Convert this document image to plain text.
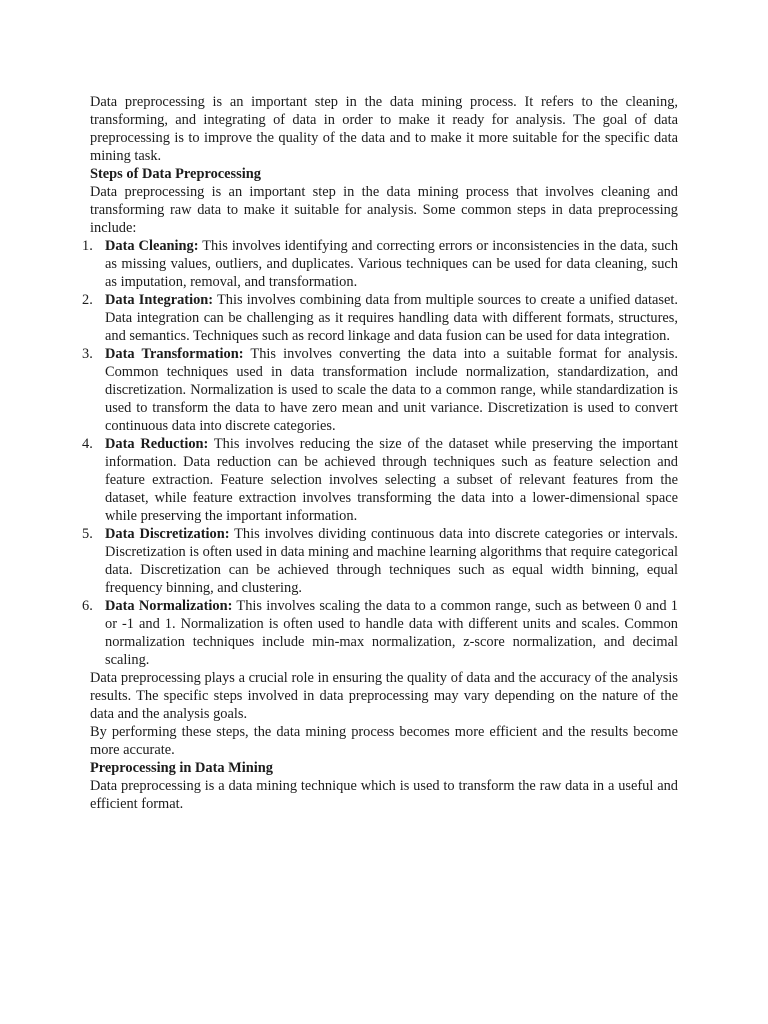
Data preprocessing is an important step in the data mining process. It refers to the cleaning, transforming, and integrating of data in order to make it ready for analysis. The goal of data preprocessing is to improve the quality of the data and to make it more suitable for the specific data mining task.

Steps of Data Preprocessing

Data preprocessing is an important step in the data mining process that involves cleaning and transforming raw data to make it suitable for analysis. Some common steps in data preprocessing include:

1. Data Cleaning: This involves identifying and correcting errors or inconsistencies in the data, such as missing values, outliers, and duplicates. Various techniques can be used for data cleaning, such as imputation, removal, and transformation.
2. Data Integration: This involves combining data from multiple sources to create a unified dataset. Data integration can be challenging as it requires handling data with different formats, structures, and semantics. Techniques such as record linkage and data fusion can be used for data integration.
3. Data Transformation: This involves converting the data into a suitable format for analysis. Common techniques used in data transformation include normalization, standardization, and discretization. Normalization is used to scale the data to a common range, while standardization is used to transform the data to have zero mean and unit variance. Discretization is used to convert continuous data into discrete categories.
4. Data Reduction: This involves reducing the size of the dataset while preserving the important information. Data reduction can be achieved through techniques such as feature selection and feature extraction. Feature selection involves selecting a subset of relevant features from the dataset, while feature extraction involves transforming the data into a lower-dimensional space while preserving the important information.
5. Data Discretization: This involves dividing continuous data into discrete categories or intervals. Discretization is often used in data mining and machine learning algorithms that require categorical data. Discretization can be achieved through techniques such as equal width binning, equal frequency binning, and clustering.
6. Data Normalization: This involves scaling the data to a common range, such as between 0 and 1 or -1 and 1. Normalization is often used to handle data with different units and scales. Common normalization techniques include min-max normalization, z-score normalization, and decimal scaling.

Data preprocessing plays a crucial role in ensuring the quality of data and the accuracy of the analysis results. The specific steps involved in data preprocessing may vary depending on the nature of the data and the analysis goals.

By performing these steps, the data mining process becomes more efficient and the results become more accurate.

Preprocessing in Data Mining

Data preprocessing is a data mining technique which is used to transform the raw data in a useful and efficient format.
